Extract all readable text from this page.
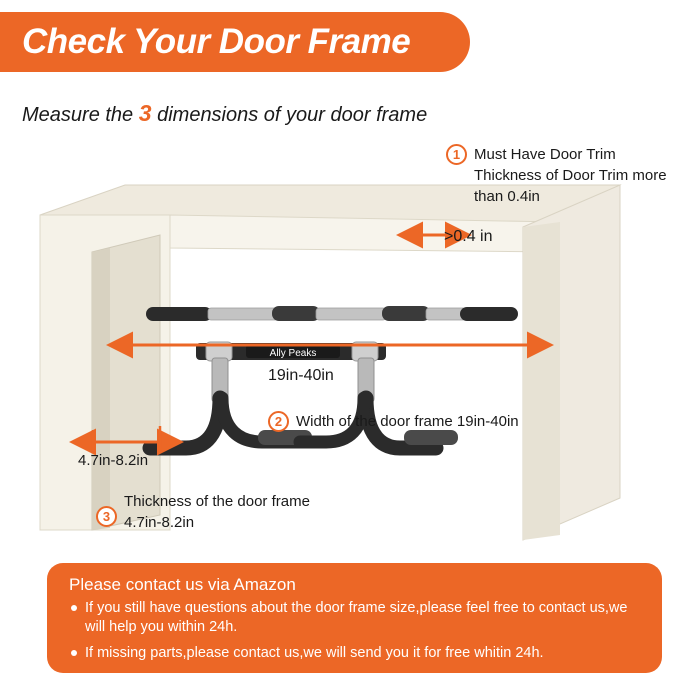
Check Your Door Frame
Measure the 3 dimensions of your door frame
Ally Peaks
>0.4 in
19in-40in
4.7in-8.2in
1 Must Have Door Trim Thickness of Door Trim more than 0.4in
2 Width of the door frame 19in-40in
3
Thickness of the door frame 4.7in-8.2in
Please contact us via Amazon
If you still have questions about the door frame size,please feel free to contact us,we will help you within 24h.
If missing parts,please contact us,we will send you it for free whitin 24h.
